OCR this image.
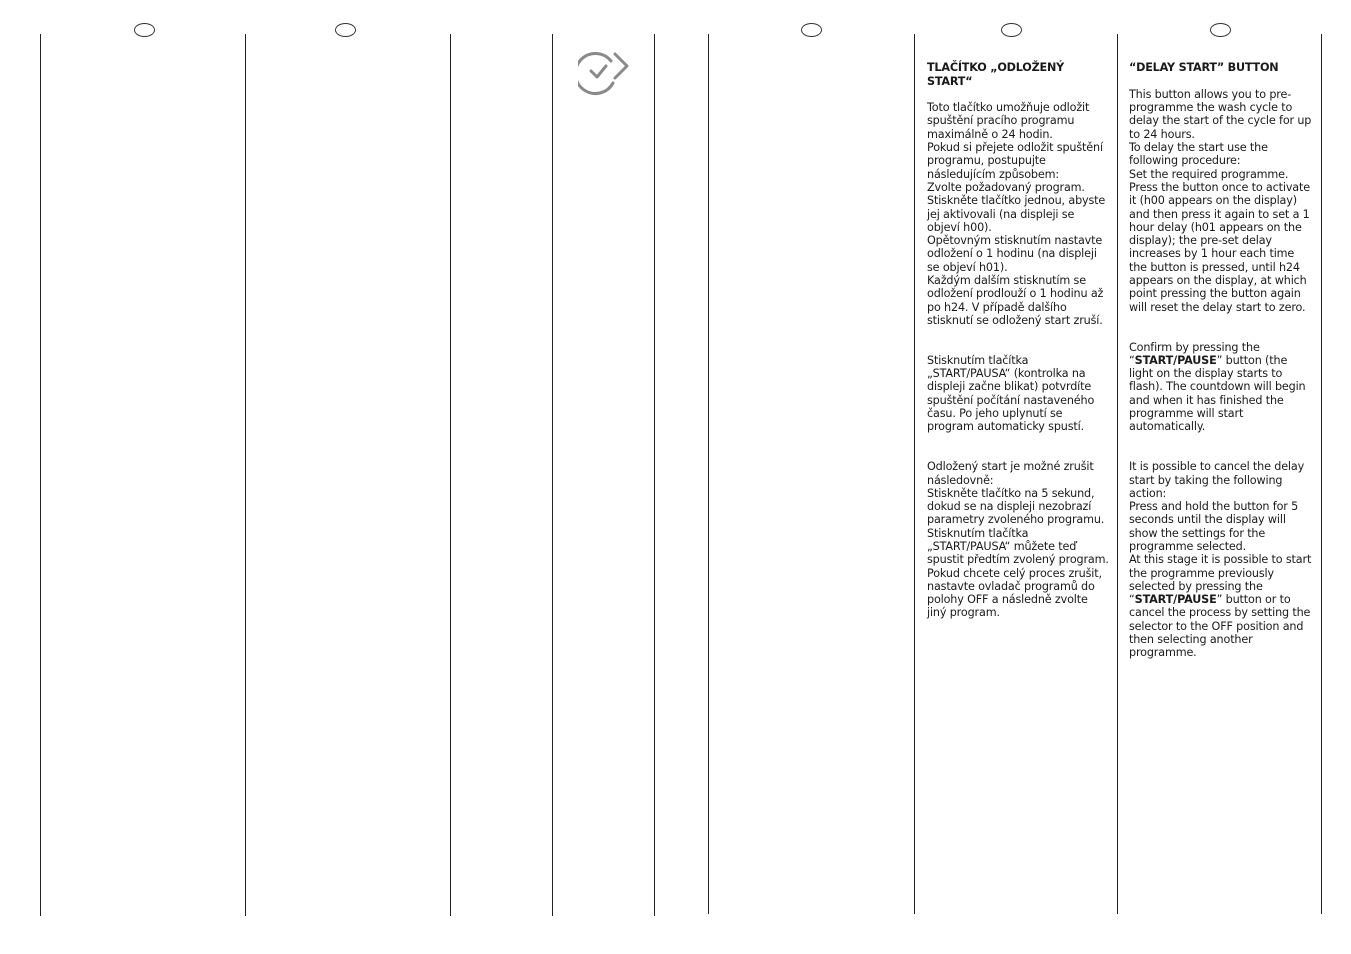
TLAČÍTKO „ODLOŽENÝ START“

Toto tlačítko umožňuje odložit spuštění pracího programu maximálně o 24 hodin.
Pokud si přejete odložit spuštění programu, postupujte následujícím způsobem:
Zvolte požadovaný program.
Stiskněte tlačítko jednou, abyste jej aktivovali (na displeji se objeví h00).
Opětovným stisknutím nastavte odložení o 1 hodinu (na displeji se objeví h01).
Každým dalším stisknutím se odložení prodlouží o 1 hodinu až po h24. V případě dalšího stisknutí se odložený start zruší.

Stisknutím tlačítka „START/PAUSA“ (kontrolka na displeji začne blikat) potvrdíte spuštění počítání nastaveného času. Po jeho uplynutí se program automaticky spustí.

Odložený start je možné zrušit následovně:
Stiskněte tlačítko na 5 sekund, dokud se na displeji nezobrazí parametry zvoleného programu.
Stisknutím tlačítka „START/PAUSA“ můžete teď spustit předtím zvolený program. Pokud chcete celý proces zrušit, nastavte ovladač programů do polohy OFF a následně zvolte jiný program.

“DELAY START” BUTTON

This button allows you to pre-programme the wash cycle to delay the start of the cycle for up to 24 hours.
To delay the start use the following procedure:
Set the required programme.
Press the button once to activate it (h00 appears on the display) and then press it again to set a 1 hour delay (h01 appears on the display); the pre-set delay increases by 1 hour each time the button is pressed, until h24 appears on the display, at which point pressing the button again will reset the delay start to zero.

Confirm by pressing the “START/PAUSE” button (the light on the display starts to flash). The countdown will begin and when it has finished the programme will start automatically.

It is possible to cancel the delay start by taking the following action:
Press and hold the button for 5 seconds until the display will show the settings for the programme selected.
At this stage it is possible to start the programme previously selected by pressing the “START/PAUSE” button or to cancel the process by setting the selector to the OFF position and then selecting another programme.
